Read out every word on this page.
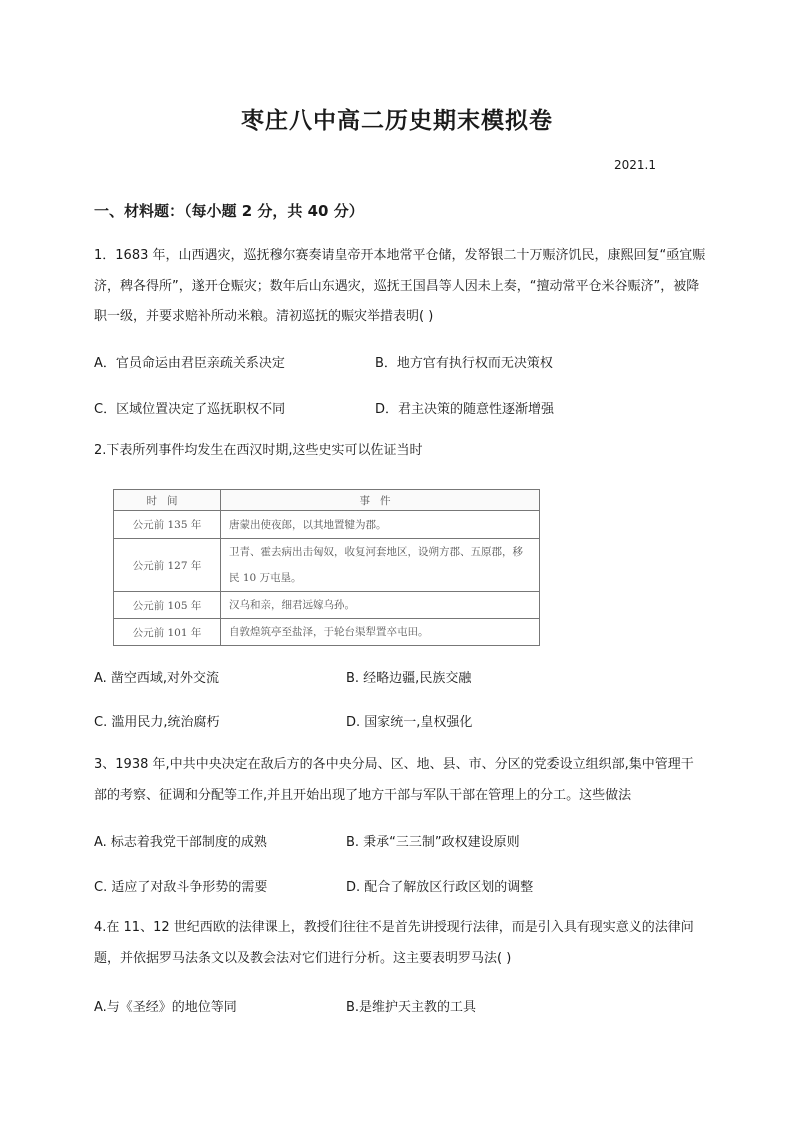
枣庄八中高二历史期末模拟卷
2021.1
一、材料题：（每小题 2 分，共 40 分）
1．1683 年，山西遇灾，巡抚穆尔赛奏请皇帝开本地常平仓储，发帑银二十万赈济饥民，康熙回复“亟宜赈济，稗各得所”，遂开仓赈灾；数年后山东遇灾，巡抚王国昌等人因未上奏，“擅动常平仓米谷赈济”，被降职一级，并要求赔补所动米粮。清初巡抚的赈灾举措表明( )
A．官员命运由君臣亲疏关系决定	B．地方官有执行权而无决策权
C．区域位置决定了巡抚职权不同	D．君主决策的随意性逐渐增强
2.下表所列事件均发生在西汉时期,这些史实可以佐证当时
时间	事件
公元前 135 年	唐蒙出使夜郎，以其地置犍为郡。
公元前 127 年	卫青、霍去病出击匈奴，收复河套地区，设朔方郡、五原郡，移民 10 万屯垦。
公元前 105 年	汉乌和亲，细君远嫁乌孙。
公元前 101 年	自敦煌筑亭至盐泽，于轮台渠犁置卒屯田。
A. 凿空西域,对外交流	B. 经略边疆,民族交融
C. 滥用民力,统治腐朽	D. 国家统一,皇权强化
3、1938 年,中共中央决定在敌后方的各中央分局、区、地、县、市、分区的党委设立组织部,集中管理干部的考察、征调和分配等工作,并且开始出现了地方干部与军队干部在管理上的分工。这些做法
A. 标志着我党干部制度的成熟	B. 秉承“三三制”政权建设原则
C. 适应了对敌斗争形势的需要	D. 配合了解放区行政区划的调整
4.在 11、12 世纪西欧的法律课上，教授们往往不是首先讲授现行法律，而是引入具有现实意义的法律问题，并依据罗马法条文以及教会法对它们进行分析。这主要表明罗马法( )
A.与《圣经》的地位等同	B.是维护天主教的工具
